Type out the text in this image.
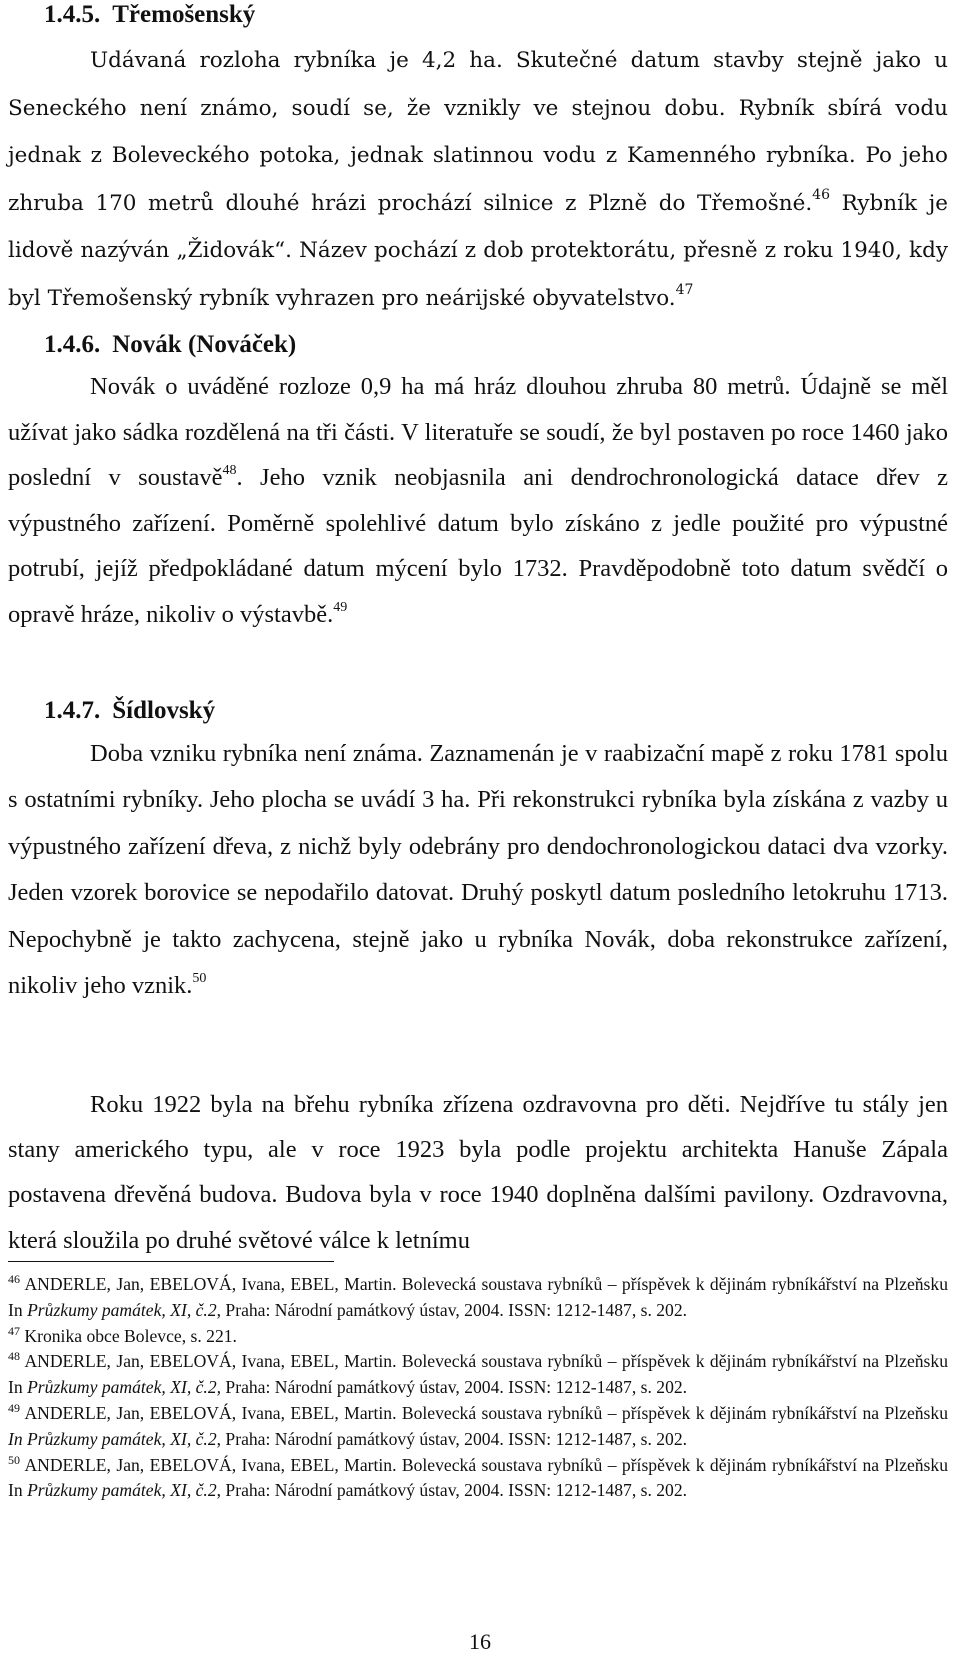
1.4.5. Třemošenský
Udávaná rozloha rybníka je 4,2 ha. Skutečné datum stavby stejně jako u Seneckého není známo, soudí se, že vznikly ve stejnou dobu. Rybník sbírá vodu jednak z Boleveckého potoka, jednak slatinnou vodu z Kamenného rybníka. Po jeho zhruba 170 metrů dlouhé hrázi prochází silnice z Plzně do Třemošné.$^{46}$ Rybník je lidově nazýván „Židovák“. Název pochází z dob protektorátu, přesně z roku 1940, kdy byl Třemošenský rybník vyhrazen pro neárijské obyvatelstvo.$^{47}$
1.4.6. Novák (Nováček)
Novák o uváděné rozloze 0,9 ha má hráz dlouhou zhruba 80 metrů. Údajně se měl užívat jako sádka rozdělená na tři části. V literatuře se soudí, že byl postaven po roce 1460 jako poslední v soustavě$^{48}$. Jeho vznik neobjasnila ani dendrochronologická datace dřev z výpustného zařízení. Poměrně spolehlivé datum bylo získáno z jedle použité pro výpustné potrubí, jejíž předpokládané datum mýcení bylo 1732. Pravděpodobně toto datum svědčí o opravě hráze, nikoliv o výstavbě.$^{49}$
1.4.7. Šídlovský
Doba vzniku rybníka není známa. Zaznamenán je v raabizační mapě z roku 1781 spolu s ostatními rybníky. Jeho plocha se uvádí 3 ha. Při rekonstrukci rybníka byla získána z vazby u výpustného zařízení dřeva, z nichž byly odebrány pro dendochronologickou dataci dva vzorky. Jeden vzorek borovice se nepodařilo datovat. Druhý poskytl datum posledního letokruhu 1713. Nepochybně je takto zachycena, stejně jako u rybníka Novák, doba rekonstrukce zařízení, nikoliv jeho vznik.$^{50}$
Roku 1922 byla na břehu rybníka zřízena ozdravovna pro děti. Nejdříve tu stály jen stany amerického typu, ale v roce 1923 byla podle projektu architekta Hanuše Zápala postavena dřevěná budova. Budova byla v roce 1940 doplněna dalšími pavilony. Ozdravovna, která sloužila po druhé světové válce k letnímu

$^{46}$ ANDERLE, Jan, EBELOVÁ, Ivana, EBEL, Martin. Bolevecká soustava rybníků – příspěvek k dějinám rybníkářství na Plzeňsku In Průzkumy památek, XI, č.2, Praha: Národní památkový ústav, 2004. ISSN: 1212-1487, s. 202.

$^{47}$ Kronika obce Bolevce, s. 221.

$^{48}$ ANDERLE, Jan, EBELOVÁ, Ivana, EBEL, Martin. Bolevecká soustava rybníků – příspěvek k dějinám rybníkářství na Plzeňsku In Průzkumy památek, XI, č.2, Praha: Národní památkový ústav, 2004. ISSN: 1212-1487, s. 202.

$^{49}$ ANDERLE, Jan, EBELOVÁ, Ivana, EBEL, Martin. Bolevecká soustava rybníků – příspěvek k dějinám rybníkářství na Plzeňsku In Průzkumy památek, XI, č.2, Praha: Národní památkový ústav, 2004. ISSN: 1212-1487, s. 202.

$^{50}$ ANDERLE, Jan, EBELOVÁ, Ivana, EBEL, Martin. Bolevecká soustava rybníků – příspěvek k dějinám rybníkářství na Plzeňsku In Průzkumy památek, XI, č.2, Praha: Národní památkový ústav, 2004. ISSN: 1212-1487, s. 202.

16
